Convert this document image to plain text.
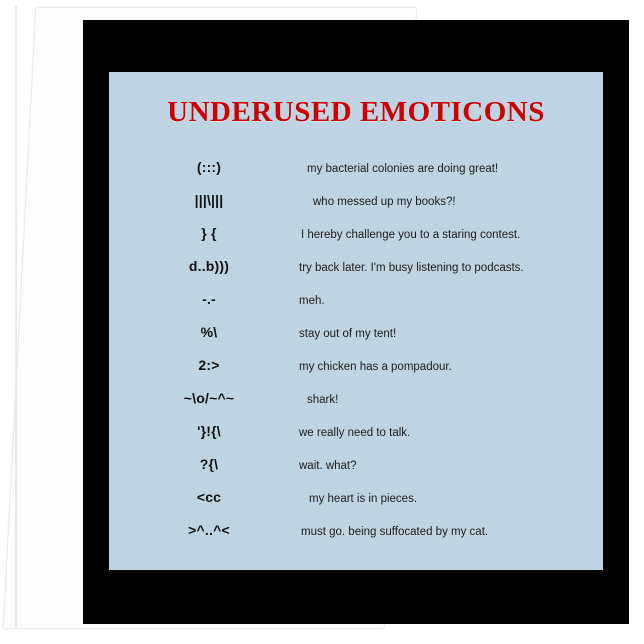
UNDERUSED EMOTICONS
(:::)	my bacterial colonies are doing great!
|||\|||	who messed up my books?!
} {	I hereby challenge you to a staring contest.
d..b)))	try back later. I'm busy listening to podcasts.
-.-	meh.
%\	stay out of my tent!
2:>	my chicken has a pompadour.
~\o/~^~	shark!
'}!{\	we really need to talk.
?{\	wait. what?
<cc	my heart is in pieces.
>^..^<	must go. being suffocated by my cat.
